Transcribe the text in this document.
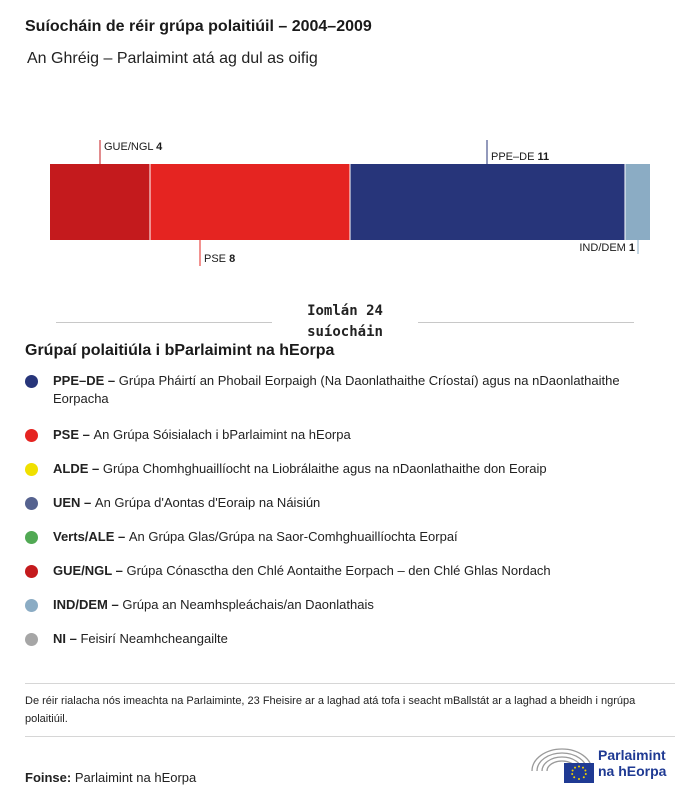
Suíocháin de réir grúpa polaitiúil – 2004–2009
An Ghréig – Parlaimint atá ag dul as oifig
GUE/NGL 4
PSE 8
PPE–DE 11
IND/DEM 1
Iomlán 24 suíocháin
Grúpaí polaitiúla i bParlaimint na hEorpa
PPE–DE – Grúpa Pháirtí an Phobail Eorpaigh (Na Daonlathaithe Críostaí) agus na nDaonlathaithe Eorpacha
PSE – An Grúpa Sóisialach i bParlaimint na hEorpa
ALDE – Grúpa Chomhghuaillíocht na Liobrálaithe agus na nDaonlathaithe don Eoraip
UEN – An Grúpa d'Aontas d'Eoraip na Náisiún
Verts/ALE – An Grúpa Glas/Grúpa na Saor-Comhghuaillíochta Eorpaí
GUE/NGL – Grúpa Cónasctha den Chlé Aontaithe Eorpach – den Chlé Ghlas Nordach
IND/DEM – Grúpa an Neamhspleáchais/an Daonlathais
NI – Feisirí Neamhcheangailte
De réir rialacha nós imeachta na Parlaiminte, 23 Fheisire ar a laghad atá tofa i seacht mBallstát ar a laghad a bheidh i ngrúpa polaitiúil.
Foinse: Parlaimint na hEorpa
Parlaimint
na hEorpa
